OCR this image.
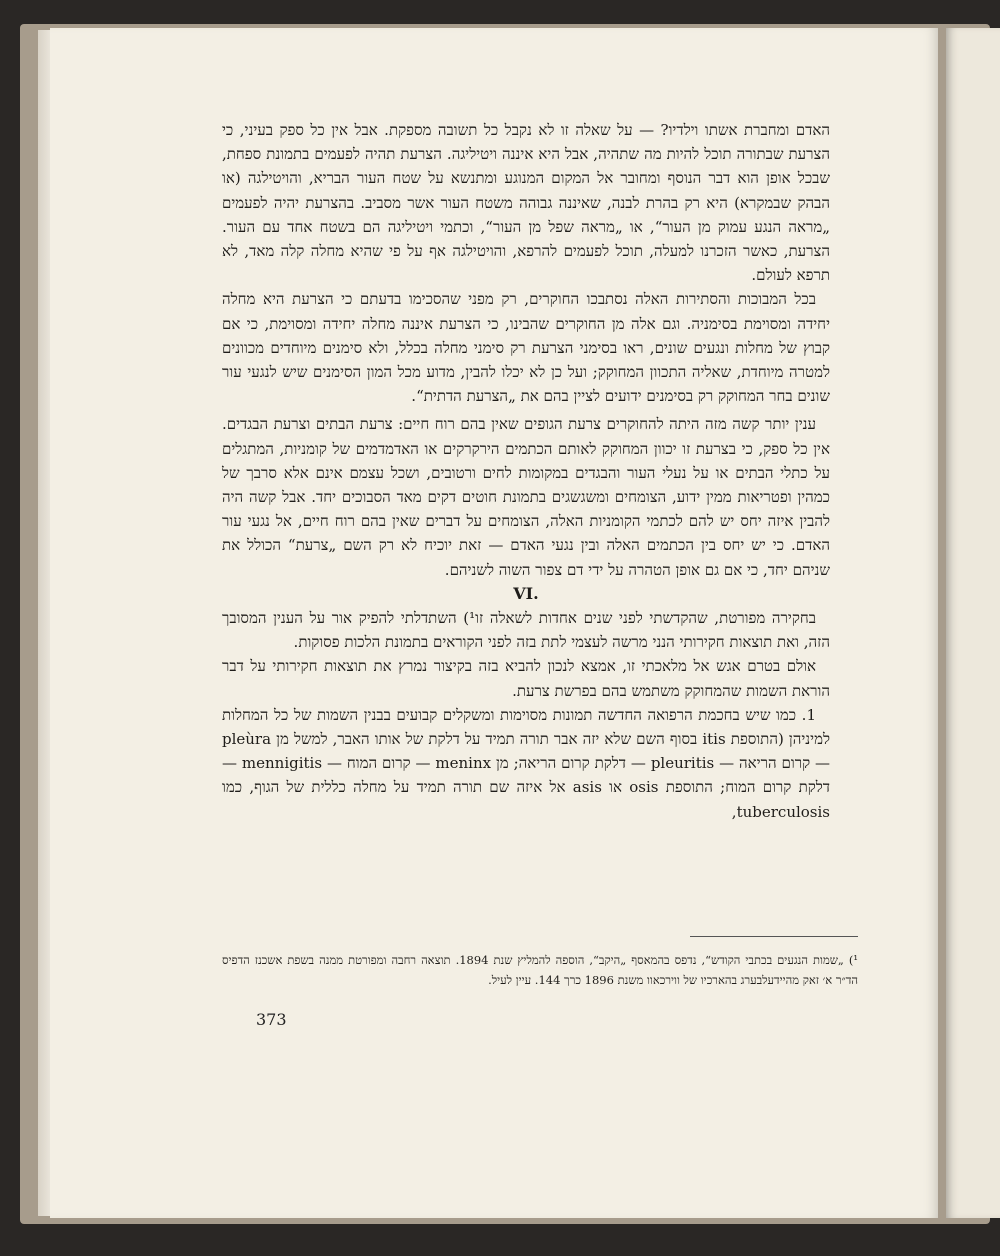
האדם ומחברת אשתו וילדיו? — על שאלה זו לא נקבל כל תשובה מספקת. אבל אין כל ספק בעיני, כי הצרעת שבתורה תוכל להיות מה שתהיה, אבל היא איננה ויטיליגה. הצרעת תהיה לפעמים בתמונת ספחת, שבכל אופן הוא דבר הנוסף ומחובר אל המקום המנוגע ומתנשא על שטח העור הבריא, והויטילגה (או הבהק שבמקרא) היא רק בהרת לבנה, שאיננה גבוהה משטח העור אשר מסביב. בהצרעת יהיה לפעמים „מראה הנגע עמוק מן העור“, או „מראה שפל מן העור“, וכתמי ויטיליגה הם בשטח אחד עם העור. הצרעת, כאשר הזכרנו למעלה, תוכל לפעמים להרפא, והויטילגה אף על פי שהיא מחלה קלה מאד, לא תרפא לעולם.

בכל המבוכות והסתירות האלה נסתבכו החוקרים, רק מפני שהסכימו בדעתם כי הצרעת היא מחלה יחידה ומסוימת בסימניה. וגם אלה מן החוקרים שהבינו, כי הצרעת איננה מחלה יחידה ומסוימת, כי אם קבוץ של מחלות ונגעים שונים, ראו בסימני הצרעת רק סימני מחלה בכלל, ולא סימנים מיוחדים מכוונים למטרה מיוחדת, שאליה התכוון המחוקק; ועל כן לא יכלו להבין, מדוע מכל המון הסימנים שיש לנגעי עור שונים בחר המחוקק רק בסימנים ידועים לציין בהם את „הצרעת הדתית“.

ענין יותר קשה מזה היתה להחוקרים צרעת הגופים שאין בהם רוח חיים: צרעת הבתים וצרעת הבגדים. אין כל ספק, כי בצרעת זו יכוון המחוקק לאותם הכתמים הירקרקים או האדמדמים של קומניות, המתגלים על כתלי הבתים או על נעלי העור והבגדים במקומות לחים ורטובים, ושכל עצמם אינם אלא סרבך של כמהין ופטריאות ממין ידוע, הצומחים ומשגשגים בתמונת חוטים דקים מאד הסבוכים יחד. אבל קשה היה להבין איזה יחס יש להם לכתמי הקומניות האלה, הצומחים על דברים שאין בהם רוח חיים, אל נגעי עור האדם. כי יש יחס בין הכתמים האלה ובין נגעי האדם — זאת יוכיח לא רק השם „צרעת“ הכולל את שניהם יחד, כי אם גם אופן הטהרה על ידי דם צפור השוה לשניהם.

VI.

בחקירה מפורטת, שהקדשתי לפני שנים אחדות לשאלה זו¹) השתדלתי להפיק אור על הענין המסובך הזה, ואת תוצאות חקירותי הנני מרשה לעצמי לתת בזה לפני הקוראים בתמונת הלכות פסוקות.

אולם בטרם אגש אל מלאכתי זו, אמצא לנכון להביא בזה בקיצור נמרץ את תוצאות חקירותי על דבר הוראת השמות שהמחוקק משתמש בהם בפרשת צרעת.

1. כמו שיש בחכמת הרפואה החדשה תמונות מסוימות ומשקלים קבועים בבנין השמות של כל המחלות למיניהן (התוספת itis בסוף השם שלא יזה אבר תורה תמיד על דלקת של אותו האבר, למשל מן pleùra — קרום הריאה — pleuritis — דלקת קרום הריאה; מן meninx — קרום המוח — mennigitis — דלקת קרום המוח; התוספת osis או asis אל איזה שם תורה תמיד על מחלה כללית של הגוף, כמו tuberculosis,

¹) „שמות הנגעים בכתבי הקודש“, נדפס בהמאסף „היקב“, הוספה להמליץ שנת 1894. תוצאה רחבה ומפורטת ממנה בשפת אשכנז הדפיס הד״ר א׳ זאק מהיידעלבערג בהארכיו של ווירכאוו משנת 1896 כרך 144. עיין לעיל.

373
